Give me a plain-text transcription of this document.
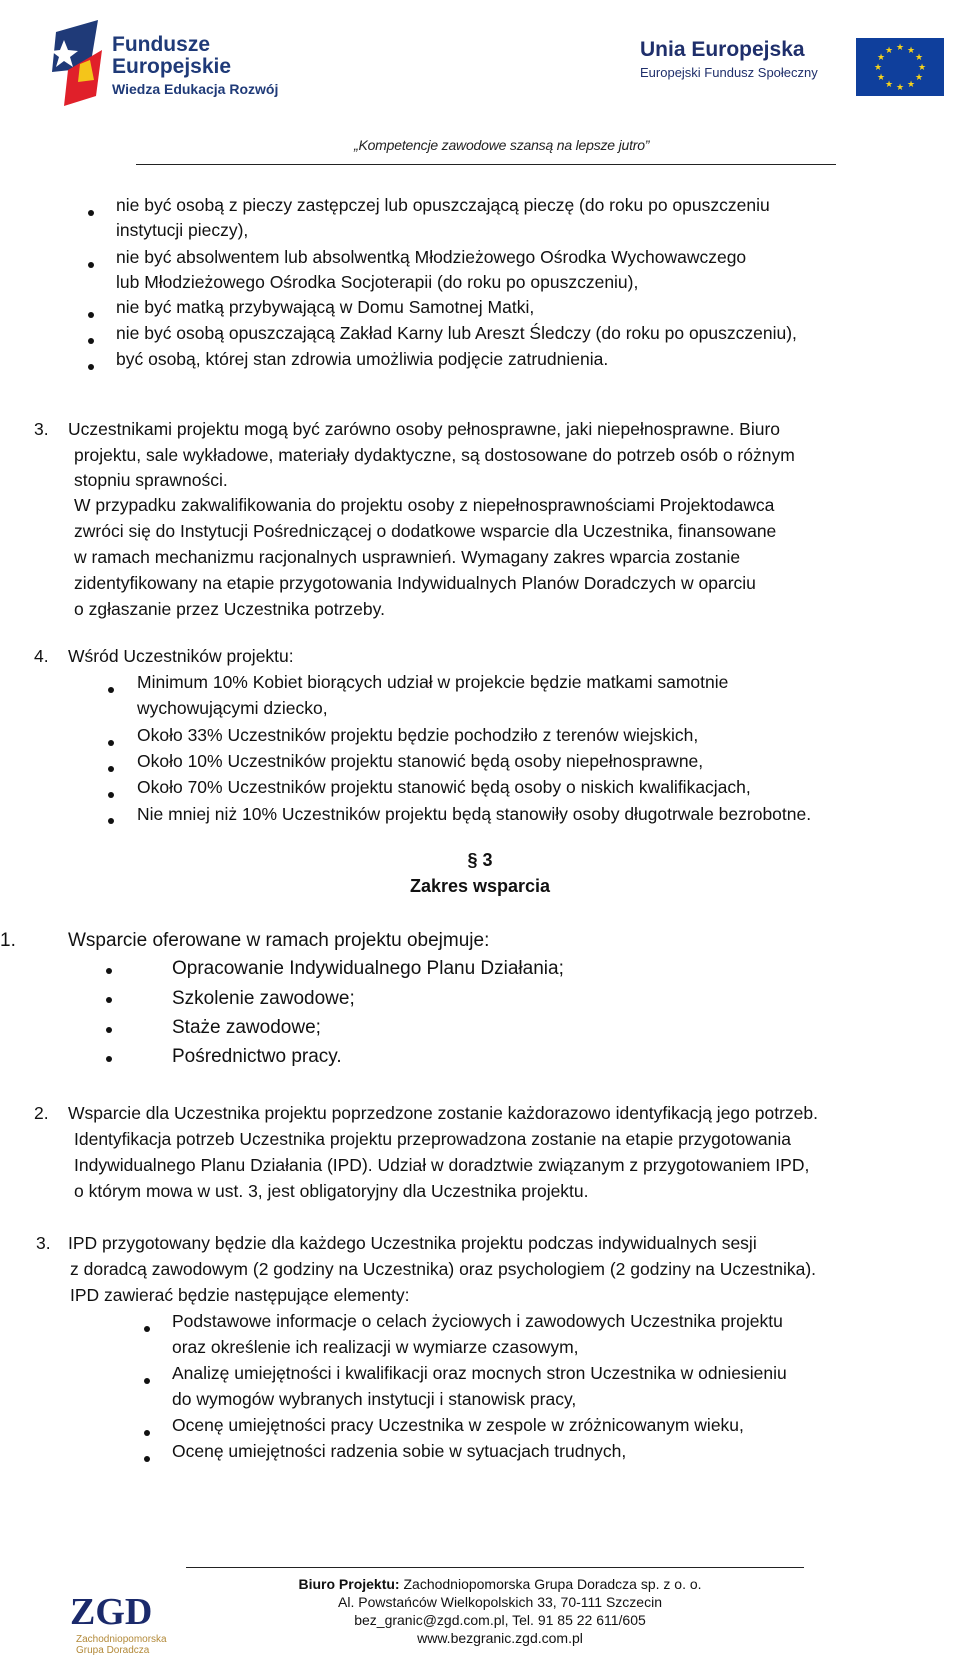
Fundusze
Europejskie
Wiedza Edukacja Rozwój
Unia Europejska
Europejski Fundusz Społeczny
★ ★
★
★
★
★
★
★
★
★
★
★
„Kompetencje zawodowe szansą na lepsze jutro”
nie być osobą z pieczy zastępczej lub opuszczającą pieczę (do roku po opuszczeniu
instytucji pieczy),
nie być absolwentem lub absolwentką Młodzieżowego Ośrodka Wychowawczego
lub Młodzieżowego Ośrodka Socjoterapii (do roku po opuszczeniu),
nie być matką przybywającą w Domu Samotnej Matki,
nie być osobą opuszczającą Zakład Karny lub Areszt Śledczy (do roku po opuszczeniu),
być osobą, której stan zdrowia umożliwia podjęcie zatrudnienia.
3. Uczestnikami projektu mogą być zarówno osoby pełnosprawne, jaki niepełnosprawne. Biuro
projektu, sale wykładowe, materiały dydaktyczne, są dostosowane do potrzeb osób o różnym
stopniu sprawności.
W przypadku zakwalifikowania do projektu osoby z niepełnosprawnościami Projektodawca
zwróci się do Instytucji Pośredniczącej o dodatkowe wsparcie dla Uczestnika, finansowane
w ramach mechanizmu racjonalnych usprawnień. Wymagany zakres wparcia zostanie
zidentyfikowany na etapie przygotowania Indywidualnych Planów Doradczych w oparciu
o zgłaszanie przez Uczestnika potrzeby.
4. Wśród Uczestników projektu:
Minimum 10% Kobiet biorących udział w projekcie będzie matkami samotnie
wychowującymi dziecko,
Około 33% Uczestników projektu będzie pochodziło z terenów wiejskich,
Około 10% Uczestników projektu stanowić będą osoby niepełnosprawne,
Około 70% Uczestników projektu stanowić będą osoby o niskich kwalifikacjach,
Nie mniej niż 10% Uczestników projektu będą stanowiły osoby długotrwale bezrobotne.
§ 3
Zakres wsparcia
1.	Wsparcie oferowane w ramach projektu obejmuje:
Opracowanie Indywidualnego Planu Działania;
Szkolenie zawodowe;
Staże zawodowe;
Pośrednictwo pracy.
2. Wsparcie dla Uczestnika projektu poprzedzone zostanie każdorazowo identyfikacją jego potrzeb.
Identyfikacja potrzeb Uczestnika projektu przeprowadzona zostanie na etapie przygotowania
Indywidualnego Planu Działania (IPD). Udział w doradztwie związanym z przygotowaniem IPD,
o którym mowa w ust. 3, jest obligatoryjny dla Uczestnika projektu.
3. IPD przygotowany będzie dla każdego Uczestnika projektu podczas indywidualnych sesji
z doradcą zawodowym (2 godziny na Uczestnika) oraz psychologiem (2 godziny na Uczestnika).
IPD zawierać będzie następujące elementy:
Podstawowe informacje o celach życiowych i zawodowych Uczestnika projektu
oraz określenie ich realizacji w wymiarze czasowym,
Analizę umiejętności i kwalifikacji oraz mocnych stron Uczestnika w odniesieniu
do wymogów wybranych instytucji i stanowisk pracy,
Ocenę umiejętności pracy Uczestnika w zespole w zróżnicowanym wieku,
Ocenę umiejętności radzenia sobie w sytuacjach trudnych,
ZGD
Zachodniopomorska
Grupa Doradcza
Biuro Projektu: Zachodniopomorska Grupa Doradcza sp. z o. o.
Al. Powstańców Wielkopolskich 33, 70-111 Szczecin
bez_granic@zgd.com.pl, Tel. 91 85 22 611/605
www.bezgranic.zgd.com.pl
